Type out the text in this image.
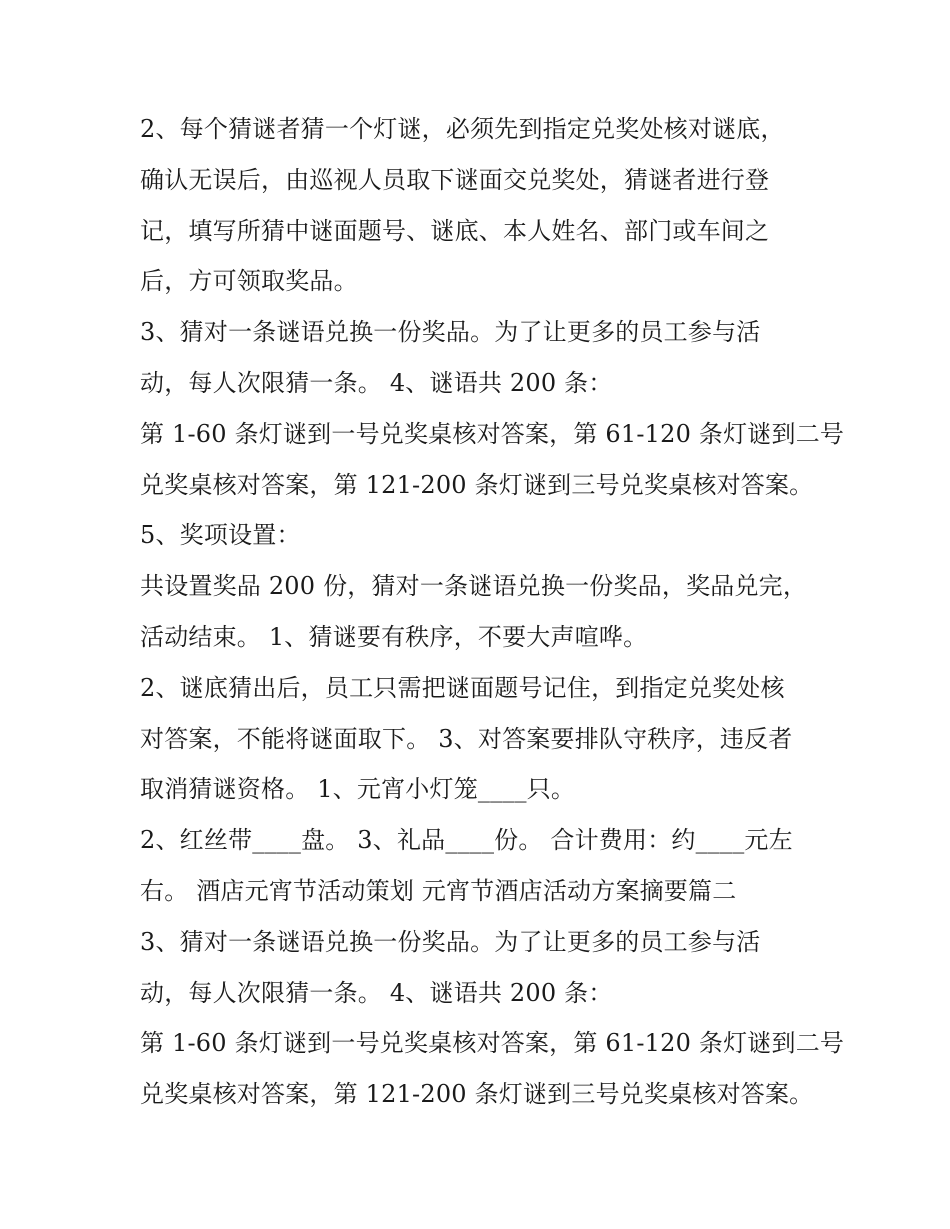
2、每个猜谜者猜一个灯谜，必须先到指定兑奖处核对谜底，
确认无误后，由巡视人员取下谜面交兑奖处，猜谜者进行登
记，填写所猜中谜面题号、谜底、本人姓名、部门或车间之
后，方可领取奖品。
3、猜对一条谜语兑换一份奖品。为了让更多的员工参与活
动，每人次限猜一条。 4、谜语共 200 条：
第 1-60 条灯谜到一号兑奖桌核对答案，第 61-120 条灯谜到二号
兑奖桌核对答案，第 121-200 条灯谜到三号兑奖桌核对答案。
5、奖项设置：
共设置奖品 200 份，猜对一条谜语兑换一份奖品，奖品兑完，
活动结束。 1、猜谜要有秩序，不要大声喧哗。
2、谜底猜出后，员工只需把谜面题号记住，到指定兑奖处核
对答案，不能将谜面取下。 3、对答案要排队守秩序，违反者
取消猜谜资格。 1、元宵小灯笼____只。
2、红丝带____盘。 3、礼品____份。 合计费用：约____元左
右。 酒店元宵节活动策划 元宵节酒店活动方案摘要篇二
3、猜对一条谜语兑换一份奖品。为了让更多的员工参与活
动，每人次限猜一条。 4、谜语共 200 条：
第 1-60 条灯谜到一号兑奖桌核对答案，第 61-120 条灯谜到二号
兑奖桌核对答案，第 121-200 条灯谜到三号兑奖桌核对答案。
